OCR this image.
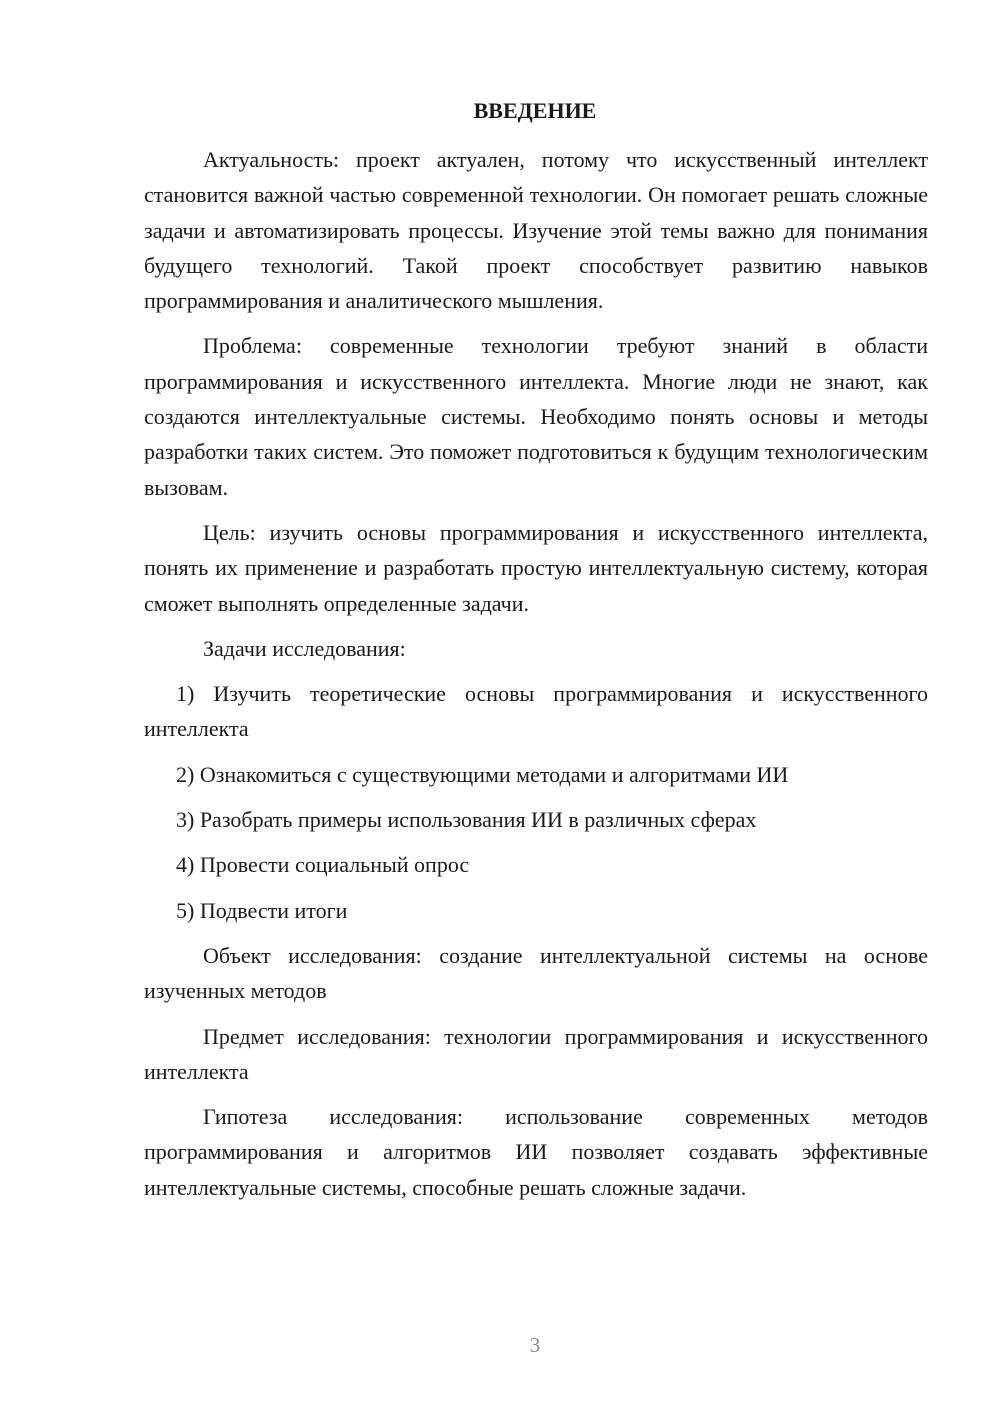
ВВЕДЕНИЕ

Актуальность: проект актуален, потому что искусственный интеллект становится важной частью современной технологии. Он помогает решать сложные задачи и автоматизировать процессы. Изучение этой темы важно для понимания будущего технологий. Такой проект способствует развитию навыков программирования и аналитического мышления.

Проблема: современные технологии требуют знаний в области программирования и искусственного интеллекта. Многие люди не знают, как создаются интеллектуальные системы. Необходимо понять основы и методы разработки таких систем. Это поможет подготовиться к будущим технологическим вызовам.

Цель: изучить основы программирования и искусственного интеллекта, понять их применение и разработать простую интеллектуальную систему, которая сможет выполнять определенные задачи.

Задачи исследования:

1) Изучить теоретические основы программирования и искусственного интеллекта

2) Ознакомиться с существующими методами и алгоритмами ИИ

3) Разобрать примеры использования ИИ в различных сферах

4) Провести социальный опрос

5) Подвести итоги

Объект исследования: создание интеллектуальной системы на основе изученных методов

Предмет исследования: технологии программирования и искусственного интеллекта

Гипотеза исследования: использование современных методов программирования и алгоритмов ИИ позволяет создавать эффективные интеллектуальные системы, способные решать сложные задачи.

3
